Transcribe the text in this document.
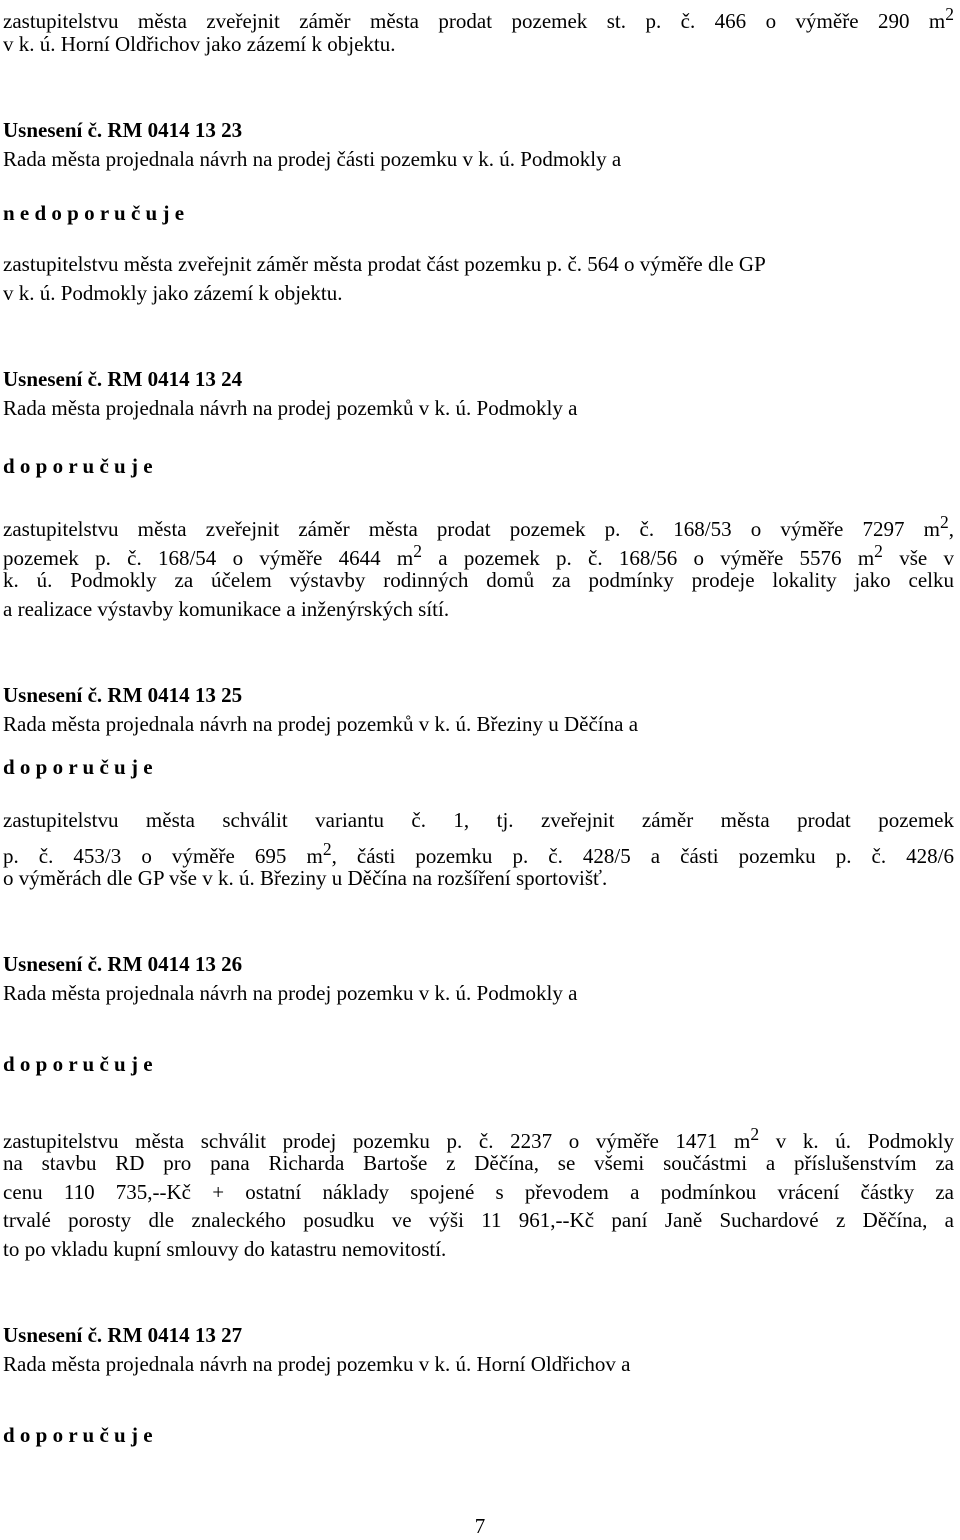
zastupitelstvu města zveřejnit záměr města prodat pozemek st. p. č. 466 o výměře 290 $m^2$
v k. ú. Horní Oldřichov jako zázemí k objektu.
Usnesení č. RM 0414 13 23
Rada města projednala návrh na prodej části pozemku v k. ú. Podmokly a
n e d o p o r u č u j e
zastupitelstvu města zveřejnit záměr města prodat část pozemku p. č. 564 o výměře dle GP
v k. ú. Podmokly jako zázemí k objektu.
Usnesení č. RM 0414 13 24
Rada města projednala návrh na prodej pozemků v k. ú. Podmokly a
d o p o r u č u j e
zastupitelstvu města zveřejnit záměr města prodat pozemek p. č. 168/53 o výměře 7297 $m^2$,
pozemek p. č. 168/54 o výměře 4644 $m^2$ a pozemek p. č. 168/56 o výměře 5576 $m^2$ vše v
k. ú. Podmokly za účelem výstavby rodinných domů za podmínky prodeje lokality jako celku
a realizace výstavby komunikace a inženýrských sítí.
Usnesení č. RM 0414 13 25
Rada města projednala návrh na prodej pozemků v k. ú. Březiny u Děčína a
d o p o r u č u j e
zastupitelstvu města schválit variantu č. 1, tj. zveřejnit záměr města prodat pozemek
p. č. 453/3 o výměře 695 $m^2$, části pozemku p. č. 428/5 a části pozemku p. č. 428/6
o výměrách dle GP vše v k. ú. Březiny u Děčína na rozšíření sportovišť.
Usnesení č. RM 0414 13 26
Rada města projednala návrh na prodej pozemku v k. ú. Podmokly a
d o p o r u č u j e
zastupitelstvu města schválit prodej pozemku p. č. 2237 o výměře 1471 $m^2$ v k. ú. Podmokly
na stavbu RD pro pana Richarda Bartoše z Děčína, se všemi součástmi a příslušenstvím za
cenu 110 735,--Kč + ostatní náklady spojené s převodem a podmínkou vrácení částky za
trvalé porosty dle znaleckého posudku ve výši 11 961,--Kč paní Janě Suchardové z Děčína, a
to po vkladu kupní smlouvy do katastru nemovitostí.
Usnesení č. RM 0414 13 27
Rada města projednala návrh na prodej pozemku v k. ú. Horní Oldřichov a
d o p o r u č u j e
7
